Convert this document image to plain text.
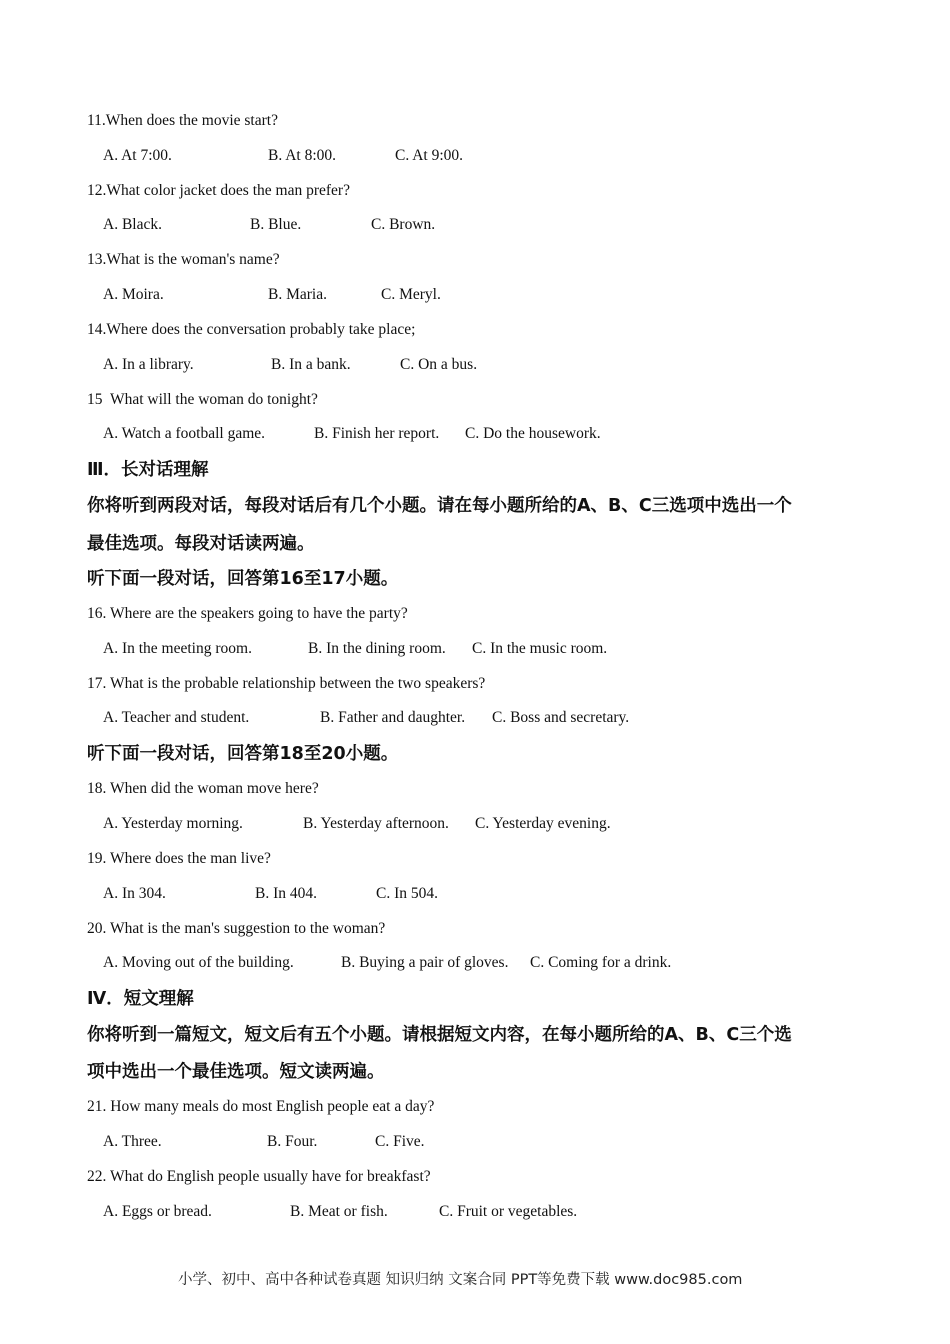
11.When does the movie start?
A. At 7:00.	B. At 8:00.	C. At 9:00.
12.What color jacket does the man prefer?
A. Black.	B. Blue.	C. Brown.
13.What is the woman's name?
A. Moira.	B. Maria.	C. Meryl.
14.Where does the conversation probably take place;
A. In a library.	B. In a bank.	C. On a bus.
15  What will the woman do tonight?
A. Watch a football game.	B. Finish her report. C. Do the housework.
Ⅲ．长对话理解
你将听到两段对话，每段对话后有几个小题。请在每小题所给的A、B、C三选项中选出一个
最佳选项。每段对话读两遍。
听下面一段对话，回答第16至17小题。
16. Where are the speakers going to have the party?
A. In the meeting room.	B. In the dining room. C. In the music room.
17. What is the probable relationship between the two speakers?
A. Teacher and student.	B. Father and daughter. C. Boss and secretary.
听下面一段对话，回答第18至20小题。
18. When did the woman move here?
A. Yesterday morning.	B. Yesterday afternoon. C. Yesterday evening.
19. Where does the man live?
A. In 304.	B. In 404.	C. In 504.
20. What is the man's suggestion to the woman?
A. Moving out of the building.	B. Buying a pair of gloves. C. Coming for a drink.
Ⅳ．短文理解
你将听到一篇短文，短文后有五个小题。请根据短文内容，在每小题所给的A、B、C三个选
项中选出一个最佳选项。短文读两遍。
21. How many meals do most English people eat a day?
A. Three.	B. Four.	C. Five.
22. What do English people usually have for breakfast?
A. Eggs or bread.	B. Meat or fish.	C. Fruit or vegetables.
小学、初中、高中各种试卷真题 知识归纳 文案合同 PPT等免费下载 www.doc985.com
